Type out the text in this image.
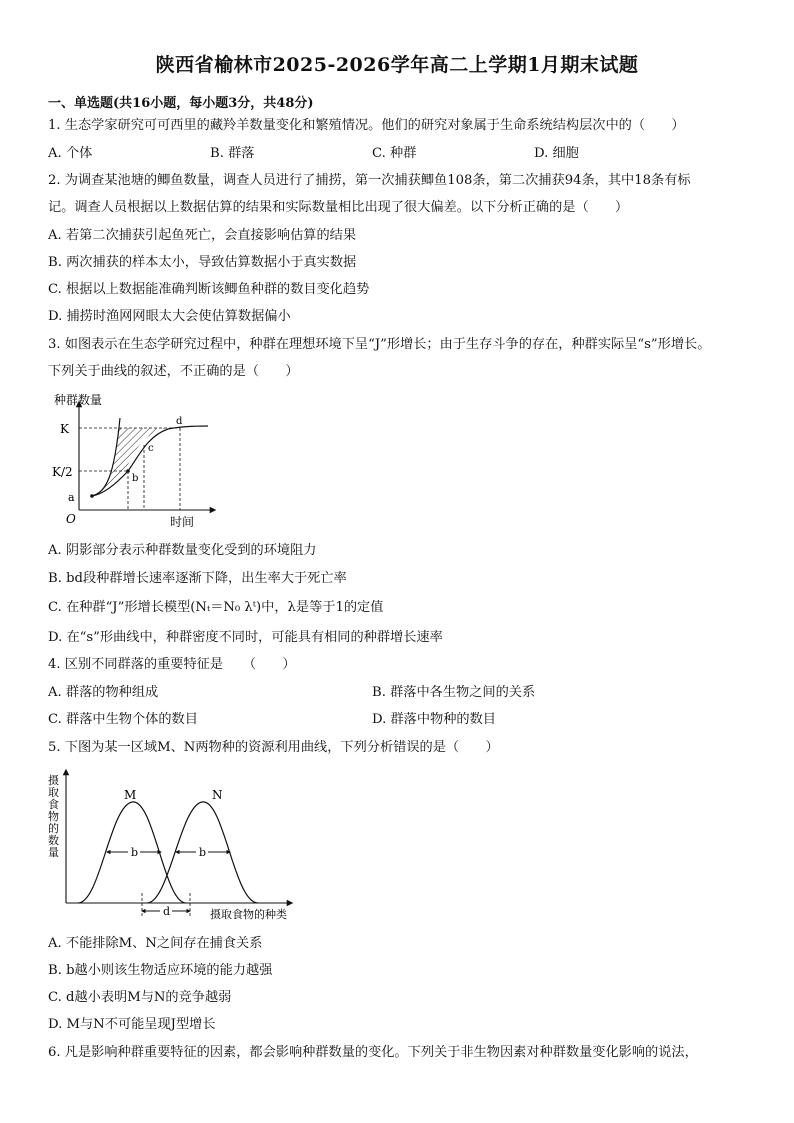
陕西省榆林市2025-2026学年高二上学期1月期末试题
一、单选题(共16小题，每小题3分，共48分)
1. 生态学家研究可可西里的藏羚羊数量变化和繁殖情况。他们的研究对象属于生命系统结构层次中的（　　）
A. 个体	B. 群落	C. 种群	D. 细胞
2. 为调查某池塘的鲫鱼数量，调查人员进行了捕捞，第一次捕获鲫鱼108条，第二次捕获94条，其中18条有标
记。调查人员根据以上数据估算的结果和实际数量相比出现了很大偏差。以下分析正确的是（　　）
A. 若第二次捕获引起鱼死亡，会直接影响估算的结果
B. 两次捕获的样本太小，导致估算数据小于真实数据
C. 根据以上数据能准确判断该鲫鱼种群的数目变化趋势
D. 捕捞时渔网网眼太大会使估算数据偏小
3. 如图表示在生态学研究过程中，种群在理想环境下呈“J”形增长；由于生存斗争的存在，种群实际呈“s”形增长。
下列关于曲线的叙述，不正确的是（　　）
种群数量
K
K/2
a
b
c
d
O	时间
A. 阴影部分表示种群数量变化受到的环境阻力
B. bd段种群增长速率逐渐下降，出生率大于死亡率
C. 在种群“J”形增长模型(Nₜ＝N₀ λᵗ)中，λ是等于1的定值
D. 在“s”形曲线中，种群密度不同时，可能具有相同的种群增长速率
4. 区别不同群落的重要特征是　　（　　）
A. 群落的物种组成	B. 群落中各生物之间的关系
C. 群落中生物个体的数目	D. 群落中物种的数目
5. 下图为某一区域M、N两物种的资源利用曲线，下列分析错误的是（　　）
摄
取
食
物
的
数
量
M	N
b	b
d	摄取食物的种类
A. 不能排除M、N之间存在捕食关系
B. b越小则该生物适应环境的能力越强
C. d越小表明M与N的竞争越弱
D. M与N不可能呈现J型增长
6. 凡是影响种群重要特征的因素，都会影响种群数量的变化。下列关于非生物因素对种群数量变化影响的说法，
